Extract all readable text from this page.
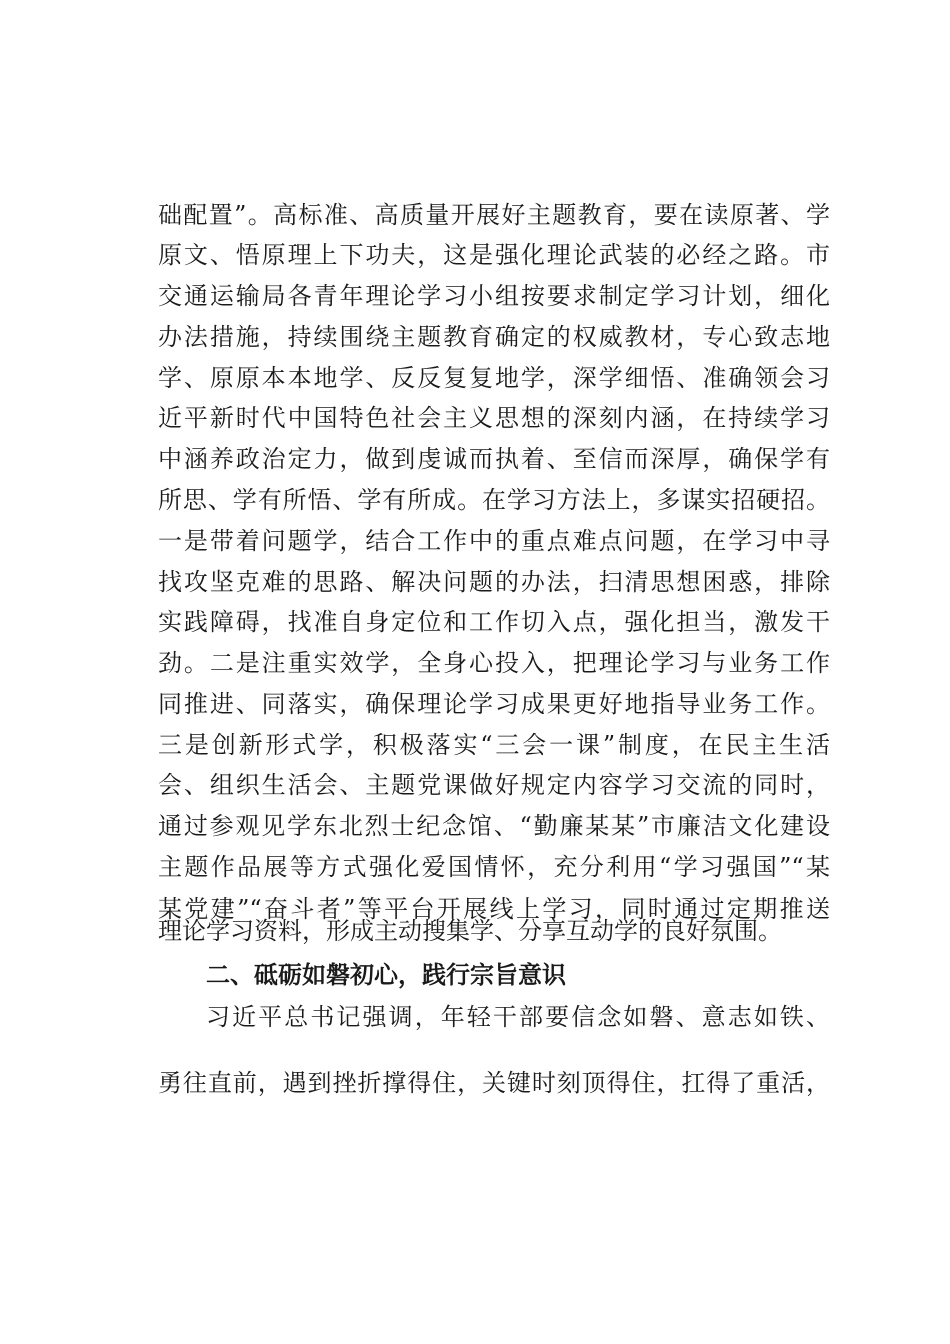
础配置”。高标准、高质量开展好主题教育，要在读原著、学
原文、悟原理上下功夫，这是强化理论武装的必经之路。市
交通运输局各青年理论学习小组按要求制定学习计划，细化
办法措施，持续围绕主题教育确定的权威教材，专心致志地
学、原原本本地学、反反复复地学，深学细悟、准确领会习
近平新时代中国特色社会主义思想的深刻内涵，在持续学习
中涵养政治定力，做到虔诚而执着、至信而深厚，确保学有
所思、学有所悟、学有所成。在学习方法上，多谋实招硬招。
一是带着问题学，结合工作中的重点难点问题，在学习中寻
找攻坚克难的思路、解决问题的办法，扫清思想困惑，排除
实践障碍，找准自身定位和工作切入点，强化担当，激发干
劲。二是注重实效学，全身心投入，把理论学习与业务工作
同推进、同落实，确保理论学习成果更好地指导业务工作。
三是创新形式学，积极落实“三会一课”制度，在民主生活
会、组织生活会、主题党课做好规定内容学习交流的同时，
通过参观见学东北烈士纪念馆、“勤廉某某”市廉洁文化建设
主题作品展等方式强化爱国情怀，充分利用“学习强国”“某
某党建”“奋斗者”等平台开展线上学习，同时通过定期推送
理论学习资料，形成主动搜集学、分享互动学的良好氛围。
二、砥砺如磐初心，践行宗旨意识
习近平总书记强调，年轻干部要信念如磐、意志如铁、
勇往直前，遇到挫折撑得住，关键时刻顶得住，扛得了重活，
